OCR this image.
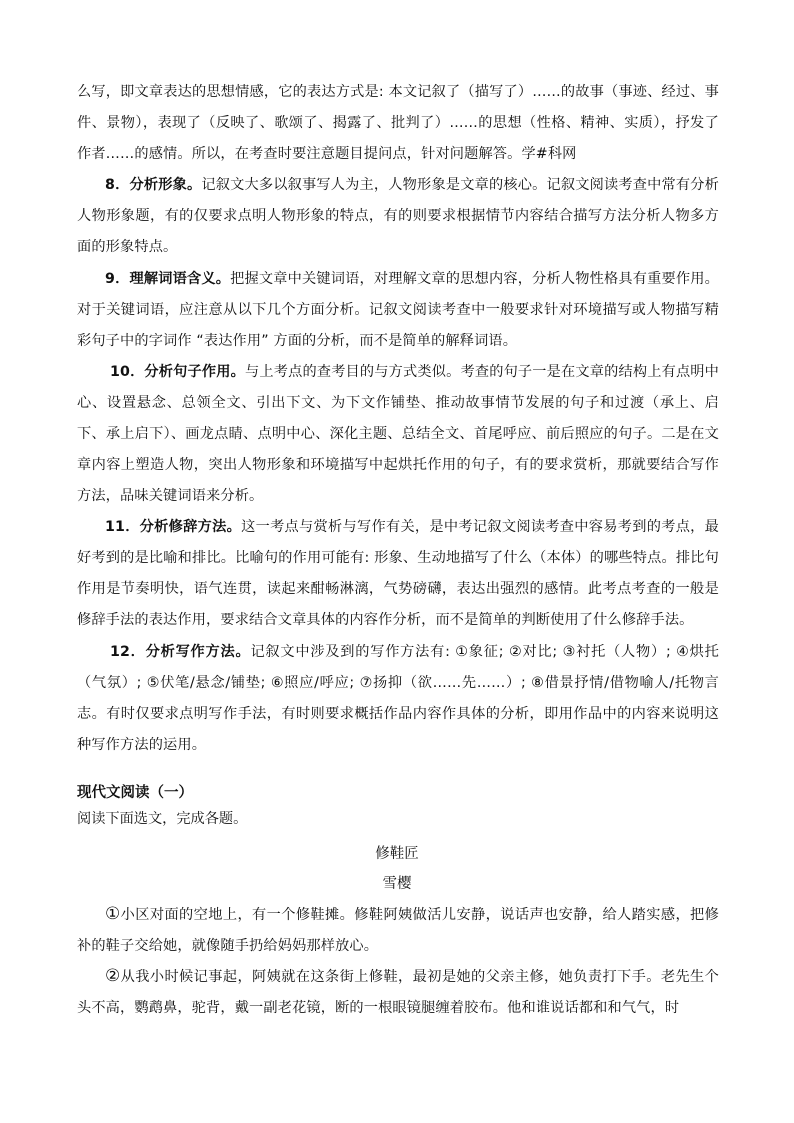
么写，即文章表达的思想情感，它的表达方式是: 本文记叙了（描写了）……的故事（事迹、经过、事件、景物），表现了（反映了、歌颂了、揭露了、批判了）……的思想（性格、精神、实质），抒发了作者……的感情。所以，在考查时要注意题目提问点，针对问题解答。学#科网

8．分析形象。记叙文大多以叙事写人为主，人物形象是文章的核心。记叙文阅读考查中常有分析人物形象题，有的仅要求点明人物形象的特点，有的则要求根据情节内容结合描写方法分析人物多方面的形象特点。

9．理解词语含义。把握文章中关键词语，对理解文章的思想内容，分析人物性格具有重要作用。对于关键词语，应注意从以下几个方面分析。记叙文阅读考查中一般要求针对环境描写或人物描写精彩句子中的字词作 “表达作用” 方面的分析，而不是简单的解释词语。

10．分析句子作用。与上考点的查考目的与方式类似。考查的句子一是在文章的结构上有点明中心、设置悬念、总领全文、引出下文、为下文作铺垫、推动故事情节发展的句子和过渡（承上、启下、承上启下）、画龙点睛、点明中心、深化主题、总结全文、首尾呼应、前后照应的句子。二是在文章内容上塑造人物，突出人物形象和环境描写中起烘托作用的句子，有的要求赏析，那就要结合写作方法，品味关键词语来分析。

11．分析修辞方法。这一考点与赏析与写作有关，是中考记叙文阅读考查中容易考到的考点，最好考到的是比喻和排比。比喻句的作用可能有: 形象、生动地描写了什么（本体）的哪些特点。排比句作用是节奏明快，语气连贯，读起来酣畅淋漓，气势磅礴，表达出强烈的感情。此考点考查的一般是修辞手法的表达作用，要求结合文章具体的内容作分析，而不是简单的判断使用了什么修辞手法。

12．分析写作方法。记叙文中涉及到的写作方法有: ①象征; ②对比; ③衬托（人物）; ④烘托（气氛）; ⑤伏笔/悬念/铺垫; ⑥照应/呼应; ⑦扬抑（欲……先……）; ⑧借景抒情/借物喻人/托物言志。有时仅要求点明写作手法，有时则要求概括作品内容作具体的分析，即用作品中的内容来说明这种写作方法的运用。

现代文阅读（一）

阅读下面选文，完成各题。

修鞋匠

雪樱

①小区对面的空地上，有一个修鞋摊。修鞋阿姨做活儿安静，说话声也安静，给人踏实感，把修补的鞋子交给她，就像随手扔给妈妈那样放心。

②从我小时候记事起，阿姨就在这条街上修鞋，最初是她的父亲主修，她负责打下手。老先生个头不高，鹦鹉鼻，驼背，戴一副老花镜，断的一根眼镜腿缠着胶布。他和谁说话都和和气气，时
